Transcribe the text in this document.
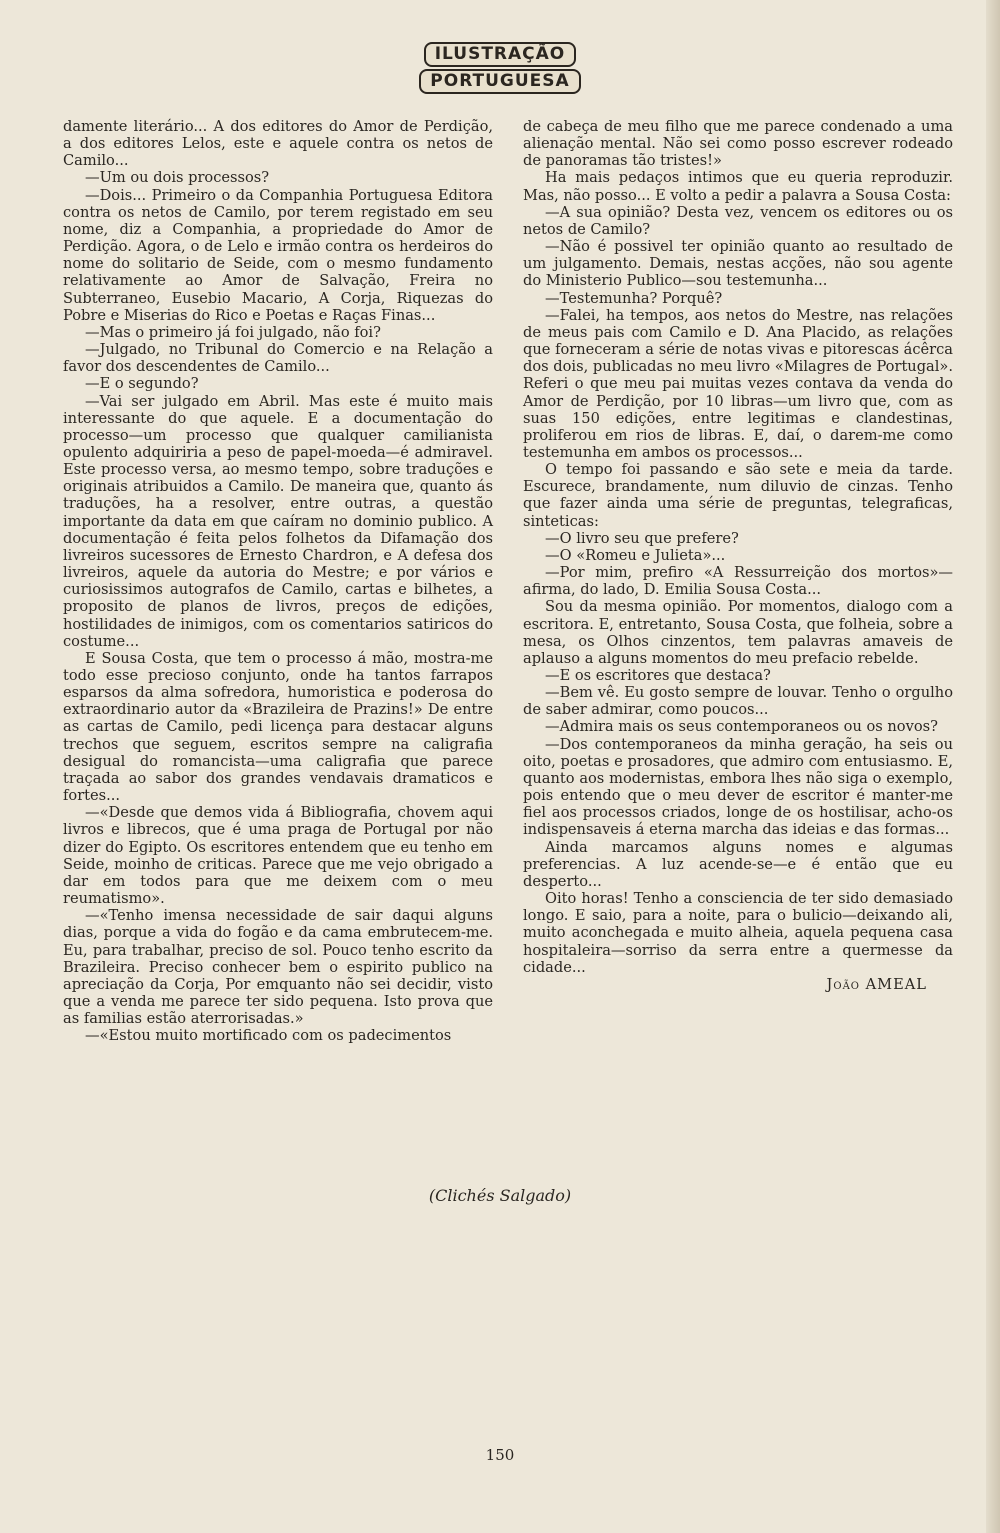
ILUSTRAÇÃO
PORTUGUESA

damente literário... A dos editores do Amor de Perdição, a dos editores Lelos, este e aquele contra os netos de Camilo...

—Um ou dois processos?

—Dois... Primeiro o da Companhia Portuguesa Editora contra os netos de Camilo, por terem registado em seu nome, diz a Companhia, a propriedade do Amor de Perdição. Agora, o de Lelo e irmão contra os herdeiros do nome do solitario de Seide, com o mesmo fundamento relativamente ao Amor de Salvação, Freira no Subterraneo, Eusebio Macario, A Corja, Riquezas do Pobre e Miserias do Rico e Poetas e Raças Finas...

—Mas o primeiro já foi julgado, não foi?

—Julgado, no Tribunal do Comercio e na Relação a favor dos descendentes de Camilo...

—E o segundo?

—Vai ser julgado em Abril. Mas este é muito mais interessante do que aquele. E a documentação do processo—um processo que qualquer camilianista opulento adquiriria a peso de papel-moeda—é admiravel. Este processo versa, ao mesmo tempo, sobre traduções e originais atribuidos a Camilo. De maneira que, quanto ás traduções, ha a resolver, entre outras, a questão importante da data em que caíram no dominio publico. A documentação é feita pelos folhetos da Difamação dos livreiros sucessores de Ernesto Chardron, e A defesa dos livreiros, aquele da autoria do Mestre; e por vários e curiosissimos autografos de Camilo, cartas e bilhetes, a proposito de planos de livros, preços de edições, hostilidades de inimigos, com os comentarios satiricos do costume...

E Sousa Costa, que tem o processo á mão, mostra-me todo esse precioso conjunto, onde ha tantos farrapos esparsos da alma sofredora, humoristica e poderosa do extraordinario autor da «Brazileira de Prazins!» De entre as cartas de Camilo, pedi licença para destacar alguns trechos que seguem, escritos sempre na caligrafia desigual do romancista—uma caligrafia que parece traçada ao sabor dos grandes vendavais dramaticos e fortes...

—«Desde que demos vida á Bibliografia, chovem aqui livros e librecos, que é uma praga de Portugal por não dizer do Egipto. Os escritores entendem que eu tenho em Seide, moinho de criticas. Parece que me vejo obrigado a dar em todos para que me deixem com o meu reumatismo».

—«Tenho imensa necessidade de sair daqui alguns dias, porque a vida do fogão e da cama embrutecem-me. Eu, para trabalhar, preciso de sol. Pouco tenho escrito da Brazileira. Preciso conhecer bem o espirito publico na apreciação da Corja, Por emquanto não sei decidir, visto que a venda me parece ter sido pequena. Isto prova que as familias estão aterrorisadas.»

—«Estou muito mortificado com os padecimentos

de cabeça de meu filho que me parece condenado a uma alienação mental. Não sei como posso escrever rodeado de panoramas tão tristes!»

Ha mais pedaços intimos que eu queria reproduzir. Mas, não posso... E volto a pedir a palavra a Sousa Costa:

—A sua opinião? Desta vez, vencem os editores ou os netos de Camilo?

—Não é possivel ter opinião quanto ao resultado de um julgamento. Demais, nestas acções, não sou agente do Ministerio Publico—sou testemunha...

—Testemunha? Porquê?

—Falei, ha tempos, aos netos do Mestre, nas relações de meus pais com Camilo e D. Ana Placido, as relações que forneceram a série de notas vivas e pitorescas ácêrca dos dois, publicadas no meu livro «Milagres de Portugal». Referi o que meu pai muitas vezes contava da venda do Amor de Perdição, por 10 libras—um livro que, com as suas 150 edições, entre legitimas e clandestinas, proliferou em rios de libras. E, daí, o darem-me como testemunha em ambos os processos...

O tempo foi passando e são sete e meia da tarde. Escurece, brandamente, num diluvio de cinzas. Tenho que fazer ainda uma série de preguntas, telegraficas, sinteticas:

—O livro seu que prefere?

—O «Romeu e Julieta»...

—Por mim, prefiro «A Ressurreição dos mortos»—afirma, do lado, D. Emilia Sousa Costa...

Sou da mesma opinião. Por momentos, dialogo com a escritora. E, entretanto, Sousa Costa, que folheia, sobre a mesa, os Olhos cinzentos, tem palavras amaveis de aplauso a alguns momentos do meu prefacio rebelde.

—E os escritores que destaca?

—Bem vê. Eu gosto sempre de louvar. Tenho o orgulho de saber admirar, como poucos...

—Admira mais os seus contemporaneos ou os novos?

—Dos contemporaneos da minha geração, ha seis ou oito, poetas e prosadores, que admiro com entusiasmo. E, quanto aos modernistas, embora lhes não siga o exemplo, pois entendo que o meu dever de escritor é manter-me fiel aos processos criados, longe de os hostilisar, acho-os indispensaveis á eterna marcha das ideias e das formas...

Ainda marcamos alguns nomes e algumas preferencias. A luz acende-se—e é então que eu desperto...

Oito horas! Tenho a consciencia de ter sido demasiado longo. E saio, para a noite, para o bulicio—deixando ali, muito aconchegada e muito alheia, aquela pequena casa hospitaleira—sorriso da serra entre a quermesse da cidade...

João AMEAL

(Clichés Salgado)
150
